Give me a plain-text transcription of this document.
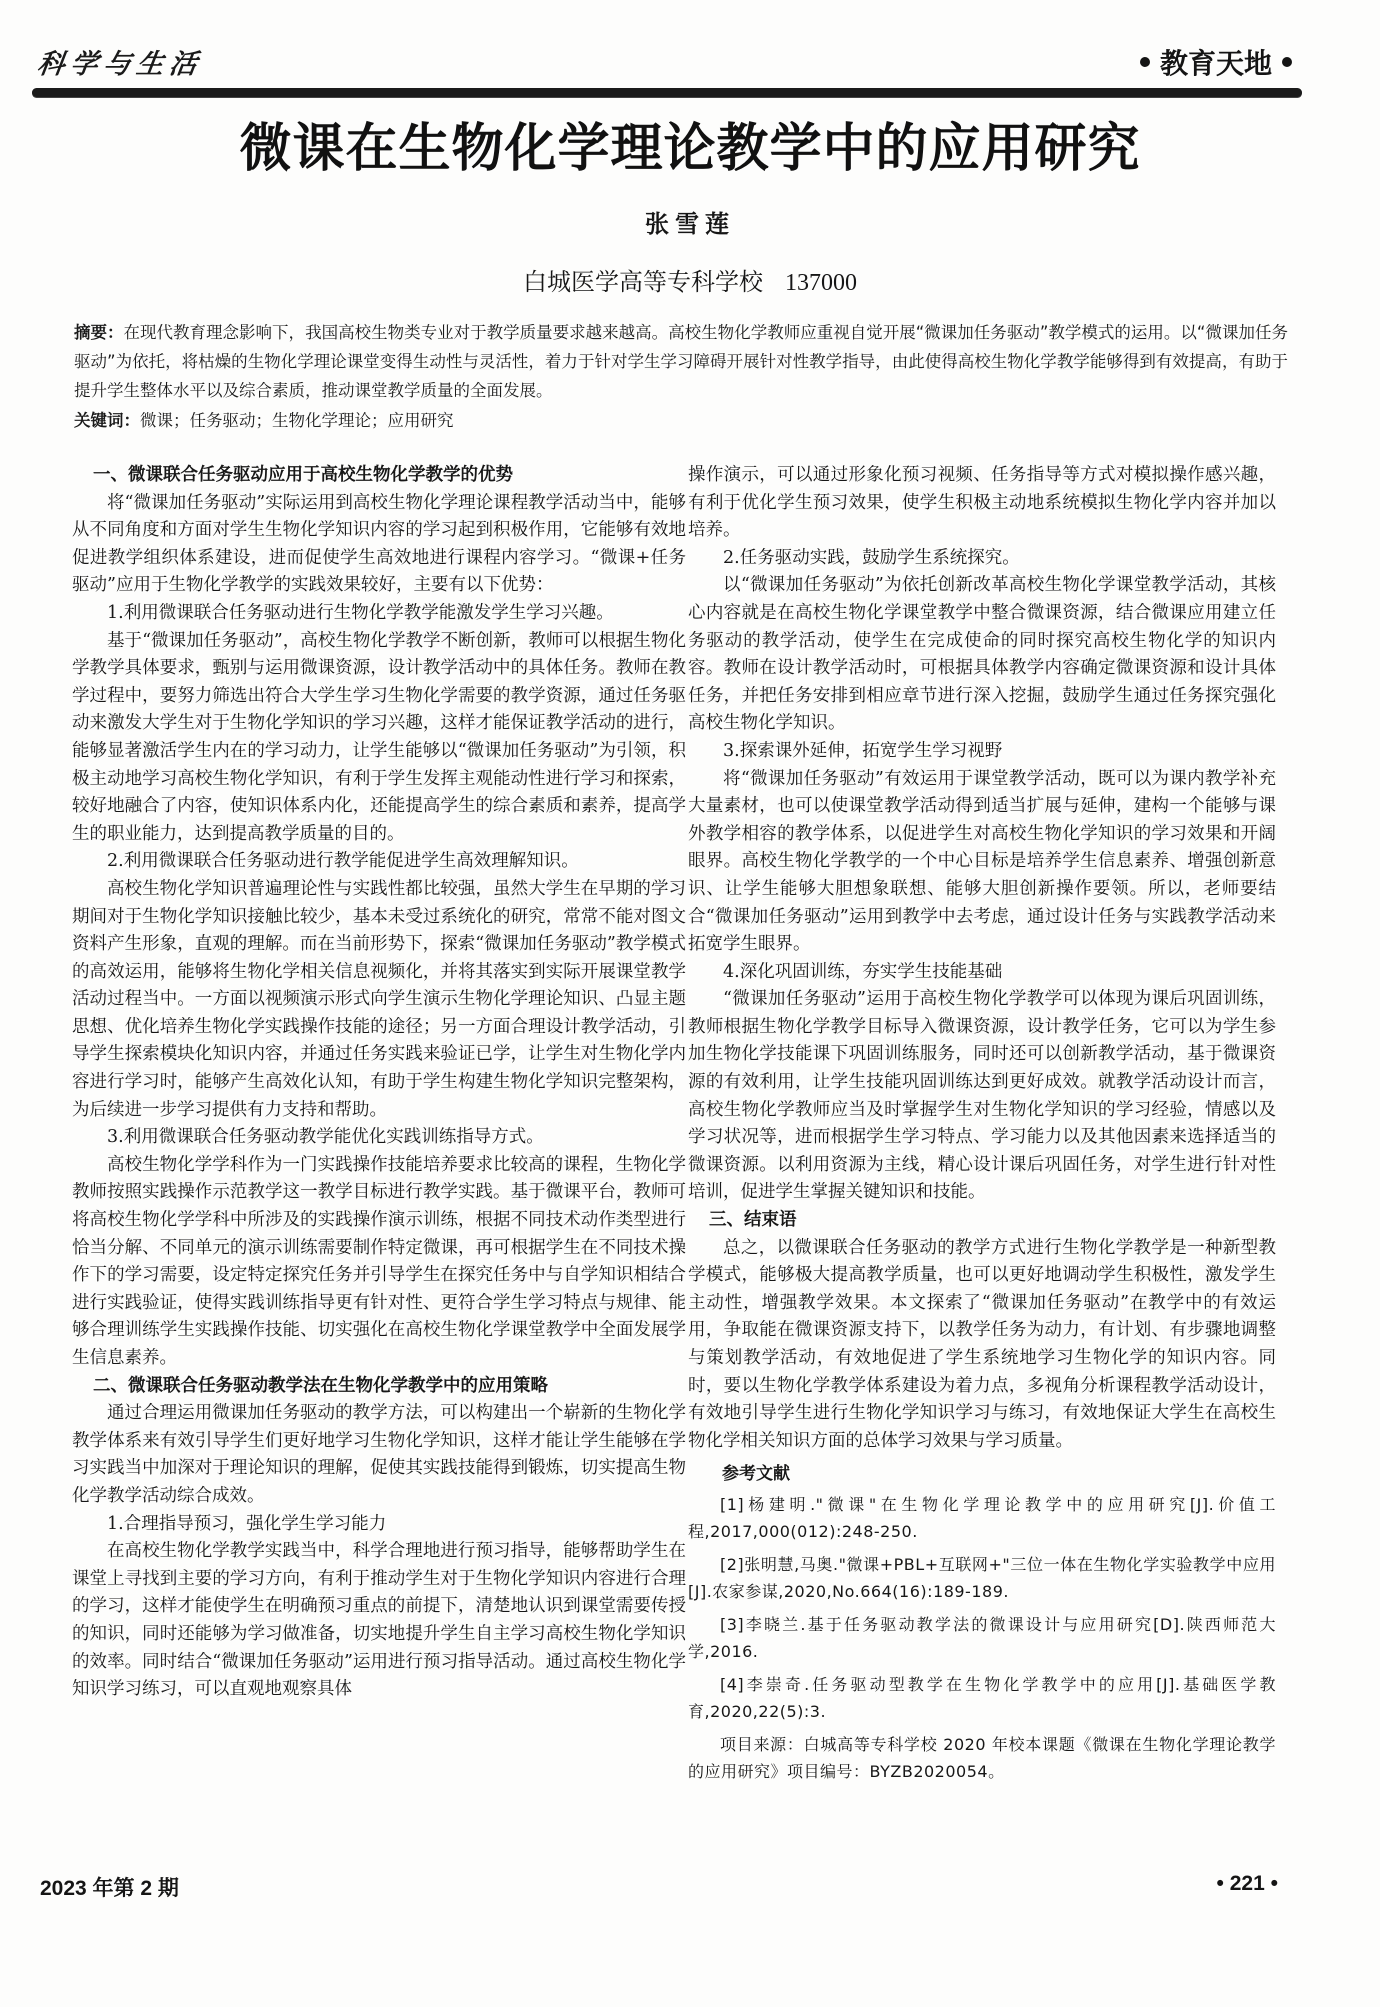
科学与生活	教育天地
微课在生物化学理论教学中的应用研究
张雪莲
白城医学高等专科学校 137000
摘要：在现代教育理念影响下，我国高校生物类专业对于教学质量要求越来越高。高校生物化学教师应重视自觉开展“微课加任务驱动”教学模式的运用。以“微课加任务驱动”为依托，将枯燥的生物化学理论课堂变得生动性与灵活性，着力于针对学生学习障碍开展针对性教学指导，由此使得高校生物化学教学能够得到有效提高，有助于提升学生整体水平以及综合素质，推动课堂教学质量的全面发展。
关键词：微课；任务驱动；生物化学理论；应用研究

一、微课联合任务驱动应用于高校生物化学教学的优势

将“微课加任务驱动”实际运用到高校生物化学理论课程教学活动当中，能够从不同角度和方面对学生生物化学知识内容的学习起到积极作用，它能够有效地促进教学组织体系建设，进而促使学生高效地进行课程内容学习。“微课+任务驱动”应用于生物化学教学的实践效果较好，主要有以下优势：

1.利用微课联合任务驱动进行生物化学教学能激发学生学习兴趣。

基于“微课加任务驱动”，高校生物化学教学不断创新，教师可以根据生物化学教学具体要求，甄别与运用微课资源，设计教学活动中的具体任务。教师在教学过程中，要努力筛选出符合大学生学习生物化学需要的教学资源，通过任务驱动来激发大学生对于生物化学知识的学习兴趣，这样才能保证教学活动的进行，能够显著激活学生内在的学习动力，让学生能够以“微课加任务驱动”为引领，积极主动地学习高校生物化学知识，有利于学生发挥主观能动性进行学习和探索，较好地融合了内容，使知识体系内化，还能提高学生的综合素质和素养，提高学生的职业能力，达到提高教学质量的目的。

2.利用微课联合任务驱动进行教学能促进学生高效理解知识。

高校生物化学知识普遍理论性与实践性都比较强，虽然大学生在早期的学习期间对于生物化学知识接触比较少，基本未受过系统化的研究，常常不能对图文资料产生形象，直观的理解。而在当前形势下，探索“微课加任务驱动”教学模式的高效运用，能够将生物化学相关信息视频化，并将其落实到实际开展课堂教学活动过程当中。一方面以视频演示形式向学生演示生物化学理论知识、凸显主题思想、优化培养生物化学实践操作技能的途径；另一方面合理设计教学活动，引导学生探索模块化知识内容，并通过任务实践来验证已学，让学生对生物化学内容进行学习时，能够产生高效化认知，有助于学生构建生物化学知识完整架构，为后续进一步学习提供有力支持和帮助。

3.利用微课联合任务驱动教学能优化实践训练指导方式。

高校生物化学学科作为一门实践操作技能培养要求比较高的课程，生物化学教师按照实践操作示范教学这一教学目标进行教学实践。基于微课平台，教师可将高校生物化学学科中所涉及的实践操作演示训练，根据不同技术动作类型进行恰当分解、不同单元的演示训练需要制作特定微课，再可根据学生在不同技术操作下的学习需要，设定特定探究任务并引导学生在探究任务中与自学知识相结合进行实践验证，使得实践训练指导更有针对性、更符合学生学习特点与规律、能够合理训练学生实践操作技能、切实强化在高校生物化学课堂教学中全面发展学生信息素养。

二、微课联合任务驱动教学法在生物化学教学中的应用策略

通过合理运用微课加任务驱动的教学方法，可以构建出一个崭新的生物化学教学体系来有效引导学生们更好地学习生物化学知识，这样才能让学生能够在学习实践当中加深对于理论知识的理解，促使其实践技能得到锻炼，切实提高生物化学教学活动综合成效。

1.合理指导预习，强化学生学习能力

在高校生物化学教学实践当中，科学合理地进行预习指导，能够帮助学生在课堂上寻找到主要的学习方向，有利于推动学生对于生物化学知识内容进行合理的学习，这样才能使学生在明确预习重点的前提下，清楚地认识到课堂需要传授的知识，同时还能够为学习做准备，切实地提升学生自主学习高校生物化学知识的效率。同时结合“微课加任务驱动”运用进行预习指导活动。通过高校生物化学知识学习练习，可以直观地观察具体

操作演示，可以通过形象化预习视频、任务指导等方式对模拟操作感兴趣，有利于优化学生预习效果，使学生积极主动地系统模拟生物化学内容并加以培养。

2.任务驱动实践，鼓励学生系统探究。

以“微课加任务驱动”为依托创新改革高校生物化学课堂教学活动，其核心内容就是在高校生物化学课堂教学中整合微课资源，结合微课应用建立任务驱动的教学活动，使学生在完成使命的同时探究高校生物化学的知识内容。教师在设计教学活动时，可根据具体教学内容确定微课资源和设计具体任务，并把任务安排到相应章节进行深入挖掘，鼓励学生通过任务探究强化高校生物化学知识。

3.探索课外延伸，拓宽学生学习视野

将“微课加任务驱动”有效运用于课堂教学活动，既可以为课内教学补充大量素材，也可以使课堂教学活动得到适当扩展与延伸，建构一个能够与课外教学相容的教学体系，以促进学生对高校生物化学知识的学习效果和开阔眼界。高校生物化学教学的一个中心目标是培养学生信息素养、增强创新意识、让学生能够大胆想象联想、能够大胆创新操作要领。所以，老师要结合“微课加任务驱动”运用到教学中去考虑，通过设计任务与实践教学活动来拓宽学生眼界。

4.深化巩固训练，夯实学生技能基础

“微课加任务驱动”运用于高校生物化学教学可以体现为课后巩固训练，教师根据生物化学教学目标导入微课资源，设计教学任务，它可以为学生参加生物化学技能课下巩固训练服务，同时还可以创新教学活动，基于微课资源的有效利用，让学生技能巩固训练达到更好成效。就教学活动设计而言，高校生物化学教师应当及时掌握学生对生物化学知识的学习经验，情感以及学习状况等，进而根据学生学习特点、学习能力以及其他因素来选择适当的微课资源。以利用资源为主线，精心设计课后巩固任务，对学生进行针对性培训，促进学生掌握关键知识和技能。

三、结束语

总之，以微课联合任务驱动的教学方式进行生物化学教学是一种新型教学模式，能够极大提高教学质量，也可以更好地调动学生积极性，激发学生主动性，增强教学效果。本文探索了“微课加任务驱动”在教学中的有效运用，争取能在微课资源支持下，以教学任务为动力，有计划、有步骤地调整与策划教学活动，有效地促进了学生系统地学习生物化学的知识内容。同时，要以生物化学教学体系建设为着力点，多视角分析课程教学活动设计，有效地引导学生进行生物化学知识学习与练习，有效地保证大学生在高校生物化学相关知识方面的总体学习效果与学习质量。

参考文献

[1]杨建明."微课"在生物化学理论教学中的应用研究[J].价值工程,2017,000(012):248-250.

[2]张明慧,马奥."微课+PBL+互联网+"三位一体在生物化学实验教学中应用[J].农家参谋,2020,No.664(16):189-189.

[3]李晓兰.基于任务驱动教学法的微课设计与应用研究[D].陕西师范大学,2016.

[4]李崇奇.任务驱动型教学在生物化学教学中的应用[J].基础医学教育,2020,22(5):3.

项目来源：白城高等专科学校 2020 年校本课题《微课在生物化学理论教学的应用研究》项目编号：BYZB2020054。

2023 年第 2 期	• 221 •
